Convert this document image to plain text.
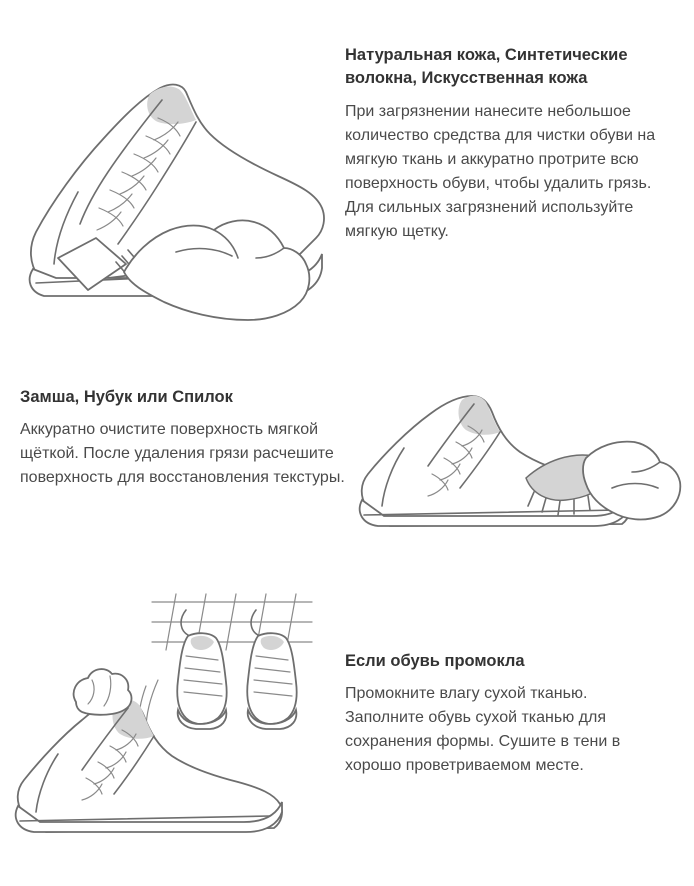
Натуральная кожа, Синтетические волокна, Искусственная кожа

При загрязнении нанесите небольшое количество средства для чистки обуви на мягкую ткань и аккуратно протрите всю поверхность обуви, чтобы удалить грязь. Для сильных загрязнений используйте мягкую щетку.

Замша, Нубук или Спилок

Аккуратно очистите поверхность мягкой щёткой. После удаления грязи расчешите поверхность для восстановления текстуры.

Если обувь промокла

Промокните влагу сухой тканью. Заполните обувь сухой тканью для сохранения формы. Сушите в тени в хорошо проветриваемом месте.
